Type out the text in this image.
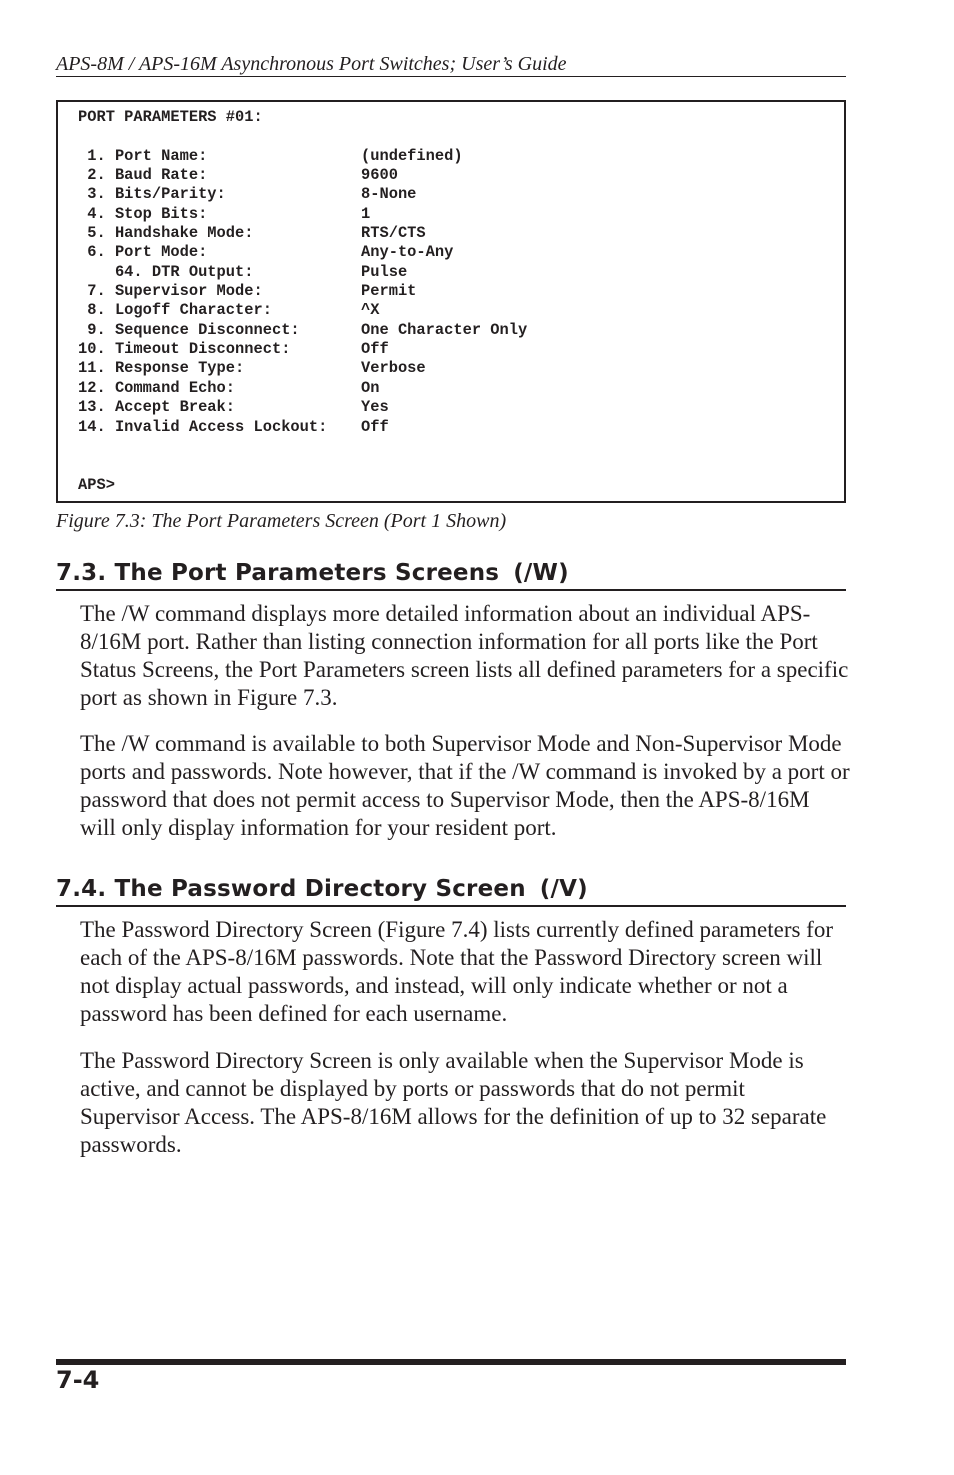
APS-8M / APS-16M Asynchronous Port Switches; User’s Guide
PORT PARAMETERS #01:

1. Port Name:	(undefined)
2. Baud Rate:	9600
3. Bits/Parity:	8-None
4. Stop Bits:	1
5. Handshake Mode:	RTS/CTS
6. Port Mode:	Any-to-Any
64. DTR Output:	Pulse
7. Supervisor Mode:	Permit
8. Logoff Character:	^X
9. Sequence Disconnect:	One Character Only
10. Timeout Disconnect:	Off
11. Response Type:	Verbose
12. Command Echo:	On
13. Accept Break:	Yes
14. Invalid Access Lockout: Off

APS>
Figure 7.3: The Port Parameters Screen (Port 1 Shown)
7.3. The Port Parameters Screens (/W)

The /W command displays more detailed information about an individual APS-8/16M port. Rather than listing connection information for all ports like the Port Status Screens, the Port Parameters screen lists all defined parameters for a specific port as shown in Figure 7.3.

The /W command is available to both Supervisor Mode and Non-Supervisor Mode ports and passwords. Note however, that if the /W command is invoked by a port or password that does not permit access to Supervisor Mode, then the APS-8/16M will only display information for your resident port.

7.4. The Password Directory Screen (/V)

The Password Directory Screen (Figure 7.4) lists currently defined parameters for each of the APS-8/16M passwords. Note that the Password Directory screen will not display actual passwords, and instead, will only indicate whether or not a password has been defined for each username.

The Password Directory Screen is only available when the Supervisor Mode is active, and cannot be displayed by ports or passwords that do not permit Supervisor Access. The APS-8/16M allows for the definition of up to 32 separate passwords.

7-4
